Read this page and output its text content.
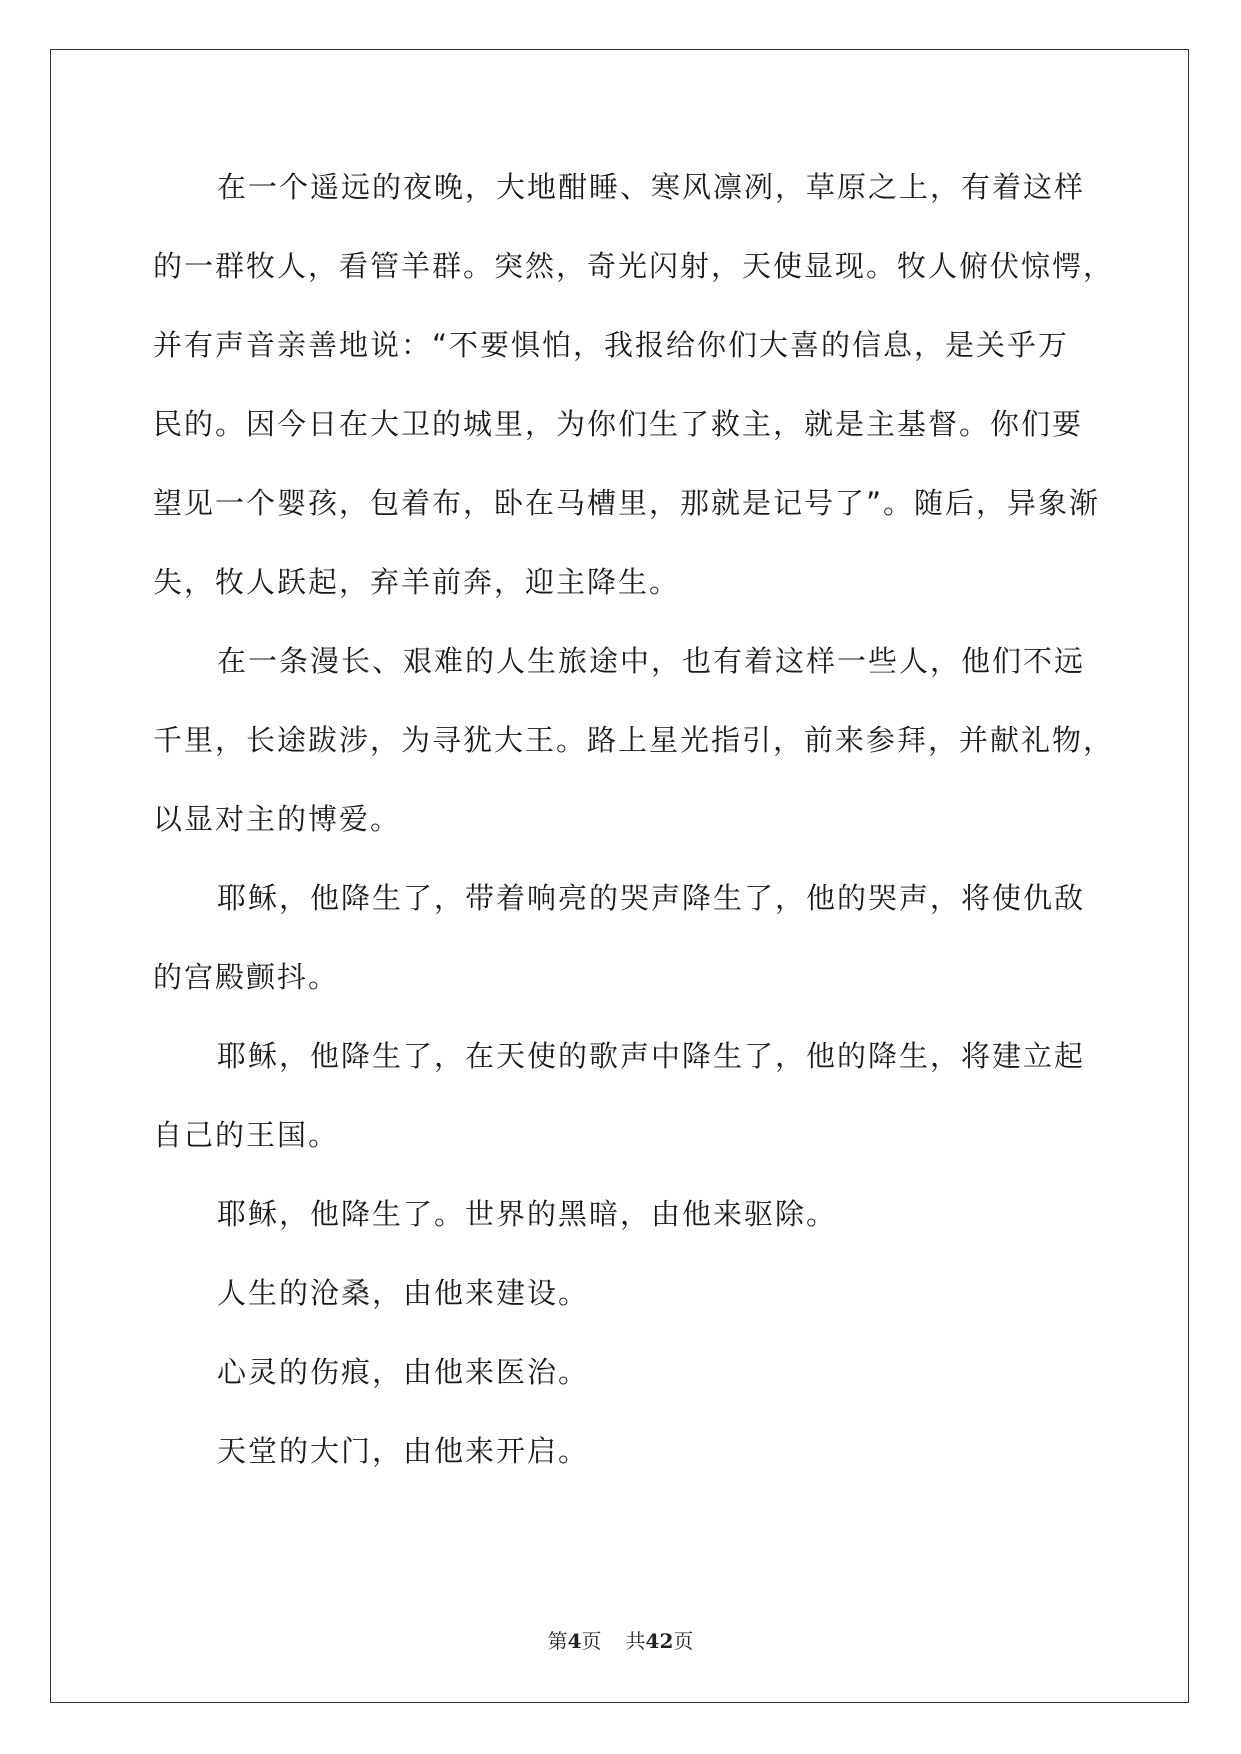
在一个遥远的夜晚，大地酣睡、寒风凛冽，草原之上，有着这样
的一群牧人，看管羊群。突然，奇光闪射，天使显现。牧人俯伏惊愕，
并有声音亲善地说：“不要惧怕，我报给你们大喜的信息，是关乎万
民的。因今日在大卫的城里，为你们生了救主，就是主基督。你们要
望见一个婴孩，包着布，卧在马槽里，那就是记号了”。随后，异象渐
失，牧人跃起，弃羊前奔，迎主降生。
在一条漫长、艰难的人生旅途中，也有着这样一些人，他们不远
千里，长途跋涉，为寻犹大王。路上星光指引，前来参拜，并献礼物，
以显对主的博爱。
耶稣，他降生了，带着响亮的哭声降生了，他的哭声，将使仇敌
的宫殿颤抖。
耶稣，他降生了，在天使的歌声中降生了，他的降生，将建立起
自己的王国。
耶稣，他降生了。世界的黑暗，由他来驱除。
人生的沧桑，由他来建设。
心灵的伤痕，由他来医治。
天堂的大门，由他来开启。
第4页 共42页
